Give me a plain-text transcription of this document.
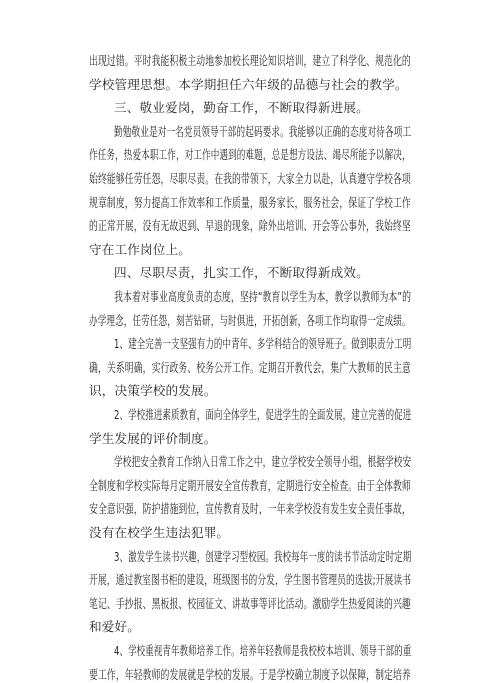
出现过错。平时我能积极主动地参加校长理论知识培训，建立了科学化、规范化的
学校管理思想。本学期担任六年级的品德与社会的教学。
三、敬业爱岗，勤奋工作，不断取得新进展。
勤勉敬业是对一名党员领导干部的起码要求。我能够以正确的态度对待各项工
作任务，热爱本职工作，对工作中遇到的难题，总是想方设法、竭尽所能予以解决，
始终能够任劳任怨，尽职尽责。在我的带领下，大家全力以赴，认真遵守学校各项
规章制度，努力提高工作效率和工作质量，服务家长，服务社会，保证了学校工作
的正常开展，没有无故迟到、早退的现象，除外出培训、开会等公事外，我始终坚
守在工作岗位上。
四、尽职尽责，扎实工作，不断取得新成效。
我本着对事业高度负责的态度，坚持“教育以学生为本，教学以教师为本”的
办学理念，任劳任怨，刻苦钻研，与时俱进，开拓创新，各项工作均取得一定成绩。
1、建全完善一支坚强有力的中青年、多学科结合的领导班子。做到职责分工明
确，关系明确，实行政务、校务公开工作。定期召开教代会，集广大教师的民主意
识，决策学校的发展。
2、学校推进素质教育，面向全体学生，促进学生的全面发展，建立完善的促进
学生发展的评价制度。
学校把安全教育工作纳入日常工作之中，建立学校安全领导小组，根据学校安
全制度和学校实际每月定期开展安全宣传教育，定期进行安全检查。由于全体教师
安全意识强，防护措施到位，宣传教育及时，一年来学校没有发生安全责任事故，
没有在校学生违法犯罪。
3、激发学生读书兴趣，创建学习型校园。我校每年一度的读书节活动定时定期
开展，通过教室图书柜的建设，班级图书的分发，学生图书管理员的选拔;开展读书
笔记、手抄报、黑板报、校园征文、讲故事等评比活动。激励学生热爱阅读的兴趣
和爱好。
4、学校重视青年教师培养工作。培养年轻教师是我校校本培训、领导干部的重
要工作，年轻教师的发展就是学校的发展。于是学校确立制度予以保障，制定培养
